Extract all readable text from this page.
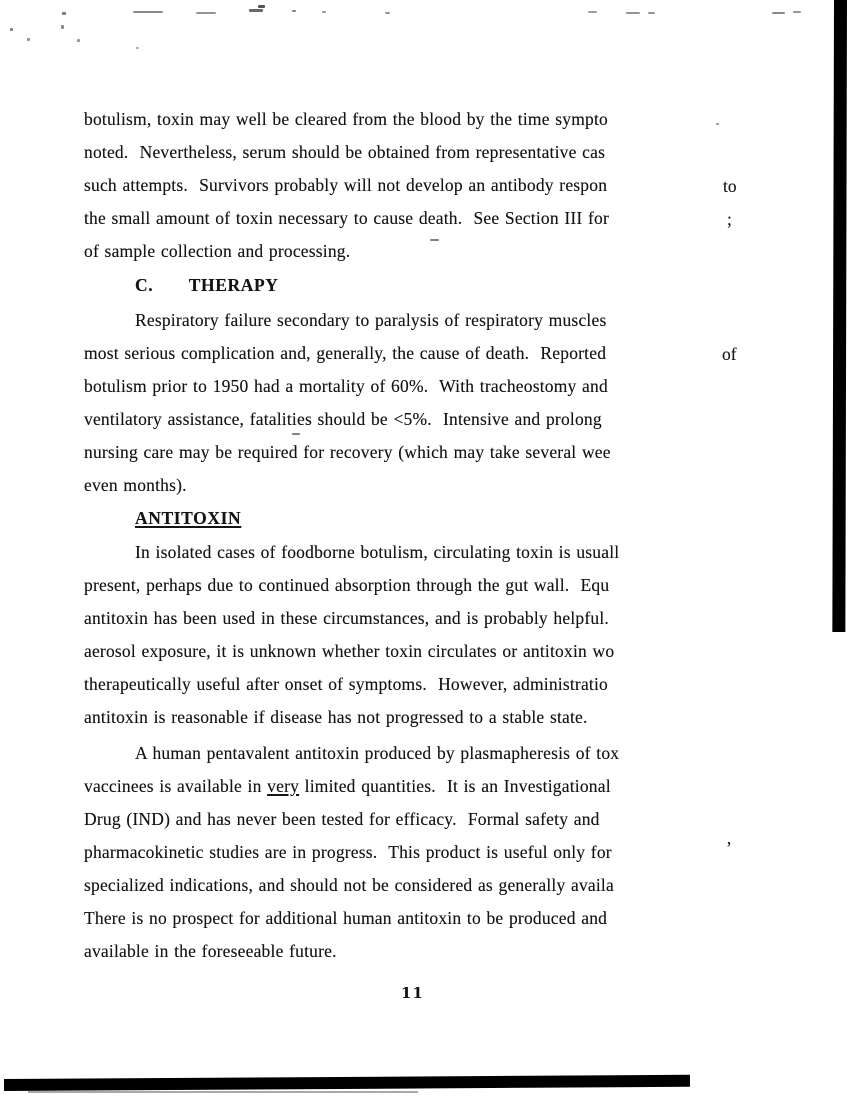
botulism, toxin may well be cleared from the blood by the time sympto
noted.  Nevertheless, serum should be obtained from representative cas
such attempts.  Survivors probably will not develop an antibody respon
the small amount of toxin necessary to cause death.  See Section III for
of sample collection and processing.
C.      THERAPY
Respiratory failure secondary to paralysis of respiratory muscles
most serious complication and, generally, the cause of death.  Reported
botulism prior to 1950 had a mortality of 60%.  With tracheostomy and
ventilatory assistance, fatalities should be <5%.  Intensive and prolong
nursing care may be required for recovery (which may take several wee
even months).
ANTITOXIN
In isolated cases of foodborne botulism, circulating toxin is usuall
present, perhaps due to continued absorption through the gut wall.  Equ
antitoxin has been used in these circumstances, and is probably helpful.
aerosol exposure, it is unknown whether toxin circulates or antitoxin wo
therapeutically useful after onset of symptoms.  However, administratio
antitoxin is reasonable if disease has not progressed to a stable state.
A human pentavalent antitoxin produced by plasmapheresis of tox
vaccinees is available in very limited quantities.  It is an Investigational
Drug (IND) and has never been tested for efficacy.  Formal safety and
pharmacokinetic studies are in progress.  This product is useful only for
specialized indications, and should not be considered as generally availa
There is no prospect for additional human antitoxin to be produced and
available in the foreseeable future.
to
;
of
’
11
